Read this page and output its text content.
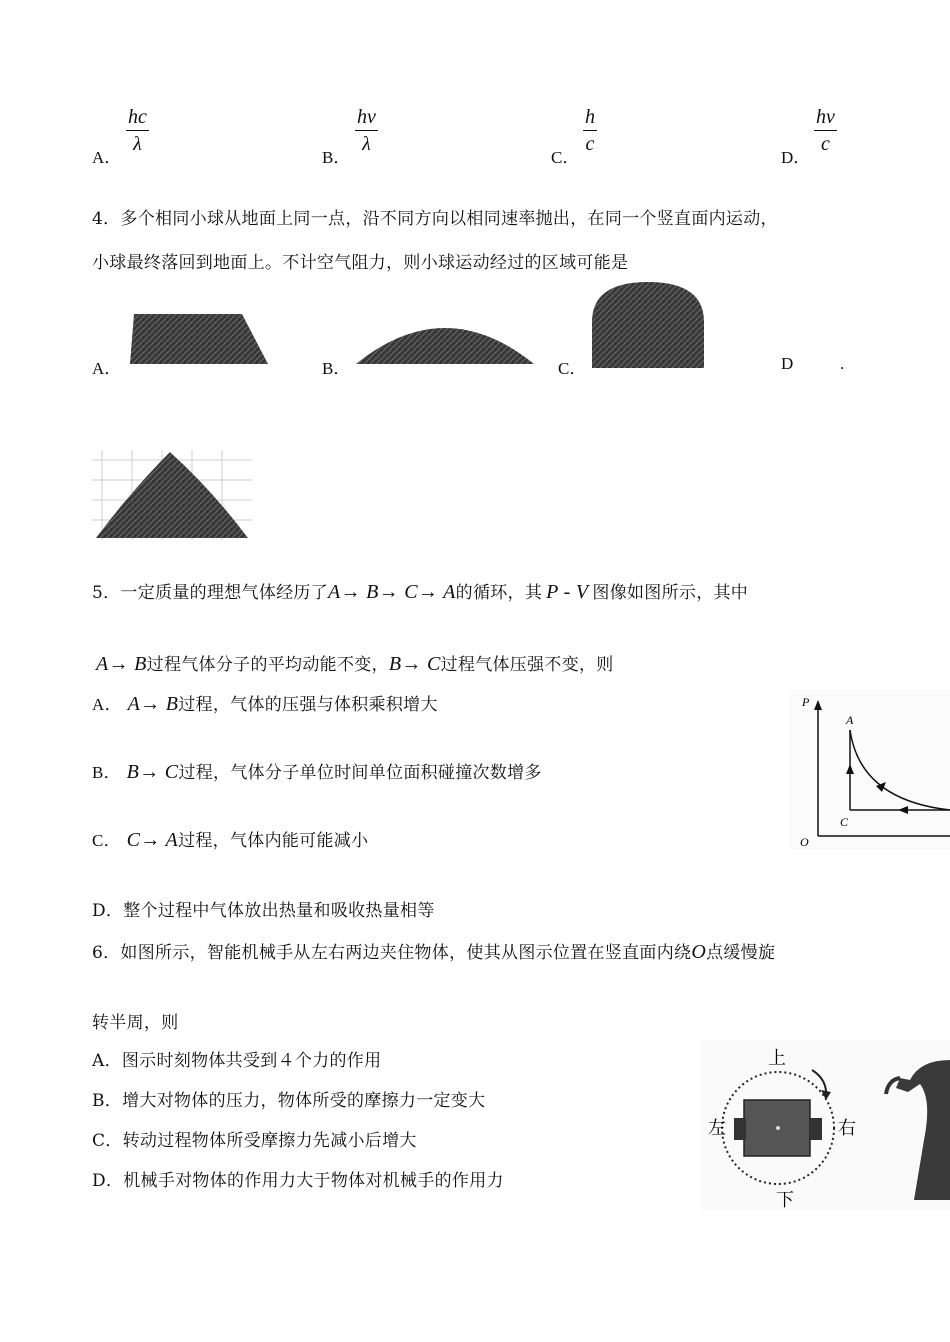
A．
$\frac{hc}{\lambda}$
B．
$\frac{h\nu}{\lambda}$
C．
$\frac{h}{c}$
D．
$\frac{h\nu}{c}$
4．多个相同小球从地面上同一点，沿不同方向以相同速率抛出，在同一个竖直面内运动，
小球最终落回到地面上。不计空气阻力，则小球运动经过的区域可能是
A．	B．	C．	D	.
5．一定质量的理想气体经历了A→ B→ C→ A的循环，其 P - V 图像如图所示，其中
A→ B过程气体分子的平均动能不变，B→ C过程气体压强不变，则
A． A→ B过程，气体的压强与体积乘积增大
B． B→ C过程，气体分子单位时间单位面积碰撞次数增多
C． C→ A过程，气体内能可能减小
D．整个过程中气体放出热量和吸收热量相等
P
A
C
O
6．如图所示，智能机械手从左右两边夹住物体，使其从图示位置在竖直面内绕O点缓慢旋
转半周，则
A．图示时刻物体共受到４个力的作用
B．增大对物体的压力，物体所受的摩擦力一定变大
C．转动过程物体所受摩擦力先减小后增大
D．机械手对物体的作用力大于物体对机械手的作用力
上
左	右
下
